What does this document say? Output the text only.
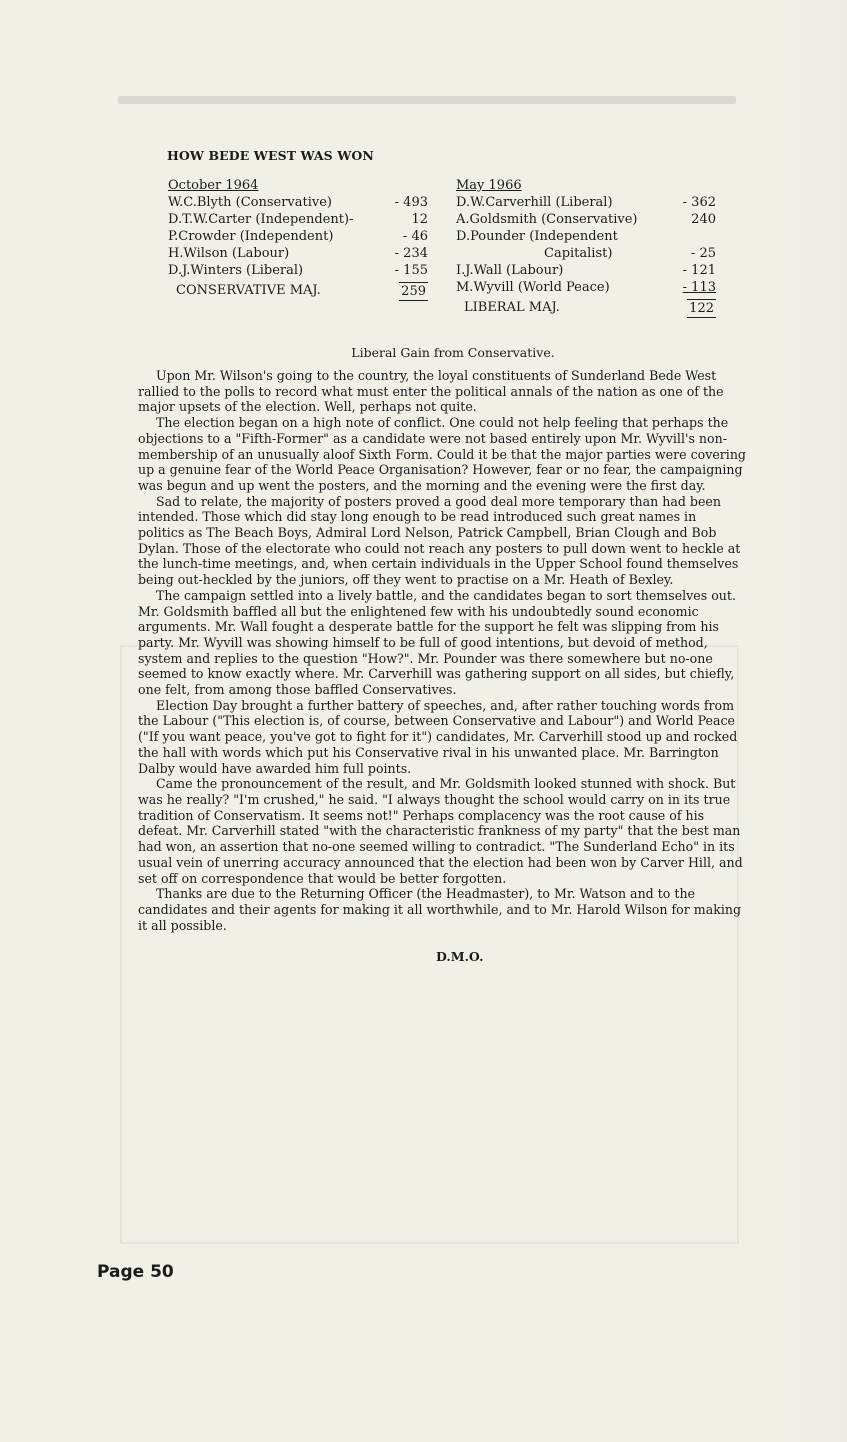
HOW BEDE WEST WAS WON
October 1964
W.C.Blyth (Conservative)	- 493
D.T.W.Carter (Independent)-	12
P.Crowder (Independent)	- 46
H.Wilson (Labour)	- 234
D.J.Winters (Liberal)	- 155
CONSERVATIVE MAJ.	259
May 1966
D.W.Carverhill (Liberal)	- 362
A.Goldsmith (Conservative)	240
D.Pounder (Independent
Capitalist)	- 25
I.J.Wall (Labour)	- 121
M.Wyvill (World Peace)	- 113
LIBERAL MAJ.	122
Liberal Gain from Conservative.

Upon Mr. Wilson's going to the country, the loyal constituents of Sunderland Bede West rallied to the polls to record what must enter the political annals of the nation as one of the major upsets of the election. Well, perhaps not quite.

The election began on a high note of conflict. One could not help feeling that perhaps the objections to a "Fifth-Former" as a candidate were not based entirely upon Mr. Wyvill's non-membership of an unusually aloof Sixth Form. Could it be that the major parties were covering up a genuine fear of the World Peace Organisation? However, fear or no fear, the campaigning was begun and up went the posters, and the morning and the evening were the first day.

Sad to relate, the majority of posters proved a good deal more temporary than had been intended. Those which did stay long enough to be read introduced such great names in politics as The Beach Boys, Admiral Lord Nelson, Patrick Campbell, Brian Clough and Bob Dylan. Those of the electorate who could not reach any posters to pull down went to heckle at the lunch-time meetings, and, when certain individuals in the Upper School found themselves being out-heckled by the juniors, off they went to practise on a Mr. Heath of Bexley.

The campaign settled into a lively battle, and the candidates began to sort themselves out. Mr. Goldsmith baffled all but the enlightened few with his undoubtedly sound economic arguments. Mr. Wall fought a desperate battle for the support he felt was slipping from his party. Mr. Wyvill was showing himself to be full of good intentions, but devoid of method, system and replies to the question "How?". Mr. Pounder was there somewhere but no-one seemed to know exactly where. Mr. Carverhill was gathering support on all sides, but chiefly, one felt, from among those baffled Conservatives.

Election Day brought a further battery of speeches, and, after rather touching words from the Labour ("This election is, of course, between Conservative and Labour") and World Peace ("If you want peace, you've got to fight for it") candidates, Mr. Carverhill stood up and rocked the hall with words which put his Conservative rival in his unwanted place. Mr. Barrington Dalby would have awarded him full points.

Came the pronouncement of the result, and Mr. Goldsmith looked stunned with shock. But was he really? "I'm crushed," he said. "I always thought the school would carry on in its true tradition of Conservatism. It seems not!" Perhaps complacency was the root cause of his defeat. Mr. Carverhill stated "with the characteristic frankness of my party" that the best man had won, an assertion that no-one seemed willing to contradict. "The Sunderland Echo" in its usual vein of unerring accuracy announced that the election had been won by Carver Hill, and set off on correspondence that would be better forgotten.

Thanks are due to the Returning Officer (the Headmaster), to Mr. Watson and to the candidates and their agents for making it all worthwhile, and to Mr. Harold Wilson for making it all possible.

D.M.O.
Page 50
